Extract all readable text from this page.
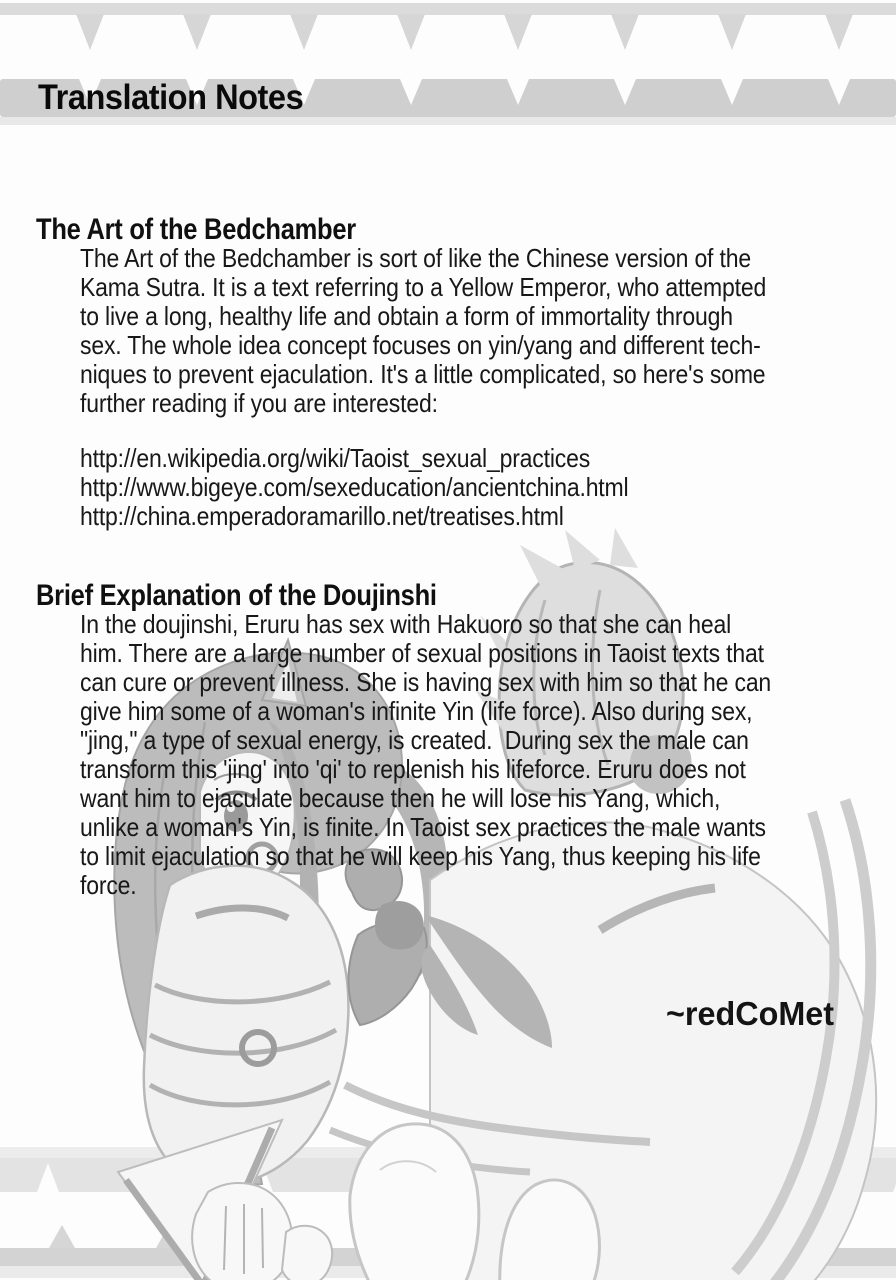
Translation Notes
The Art of the Bedchamber
The Art of the Bedchamber is sort of like the Chinese version of the
Kama Sutra. It is a text referring to a Yellow Emperor, who attempted
to live a long, healthy life and obtain a form of immortality through
sex. The whole idea concept focuses on yin/yang and different tech-
niques to prevent ejaculation. It's a little complicated, so here's some
further reading if you are interested:
http://en.wikipedia.org/wiki/Taoist_sexual_practices
http://www.bigeye.com/sexeducation/ancientchina.html
http://china.emperadoramarillo.net/treatises.html
Brief Explanation of the Doujinshi
In the doujinshi, Eruru has sex with Hakuoro so that she can heal
him. There are a large number of sexual positions in Taoist texts that
can cure or prevent illness. She is having sex with him so that he can
give him some of a woman's infinite Yin (life force). Also during sex,
"jing," a type of sexual energy, is created.  During sex the male can
transform this 'jing' into 'qi' to replenish his lifeforce. Eruru does not
want him to ejaculate because then he will lose his Yang, which,
unlike a woman's Yin, is finite. In Taoist sex practices the male wants
to limit ejaculation so that he will keep his Yang, thus keeping his life
force.
~redCoMet
